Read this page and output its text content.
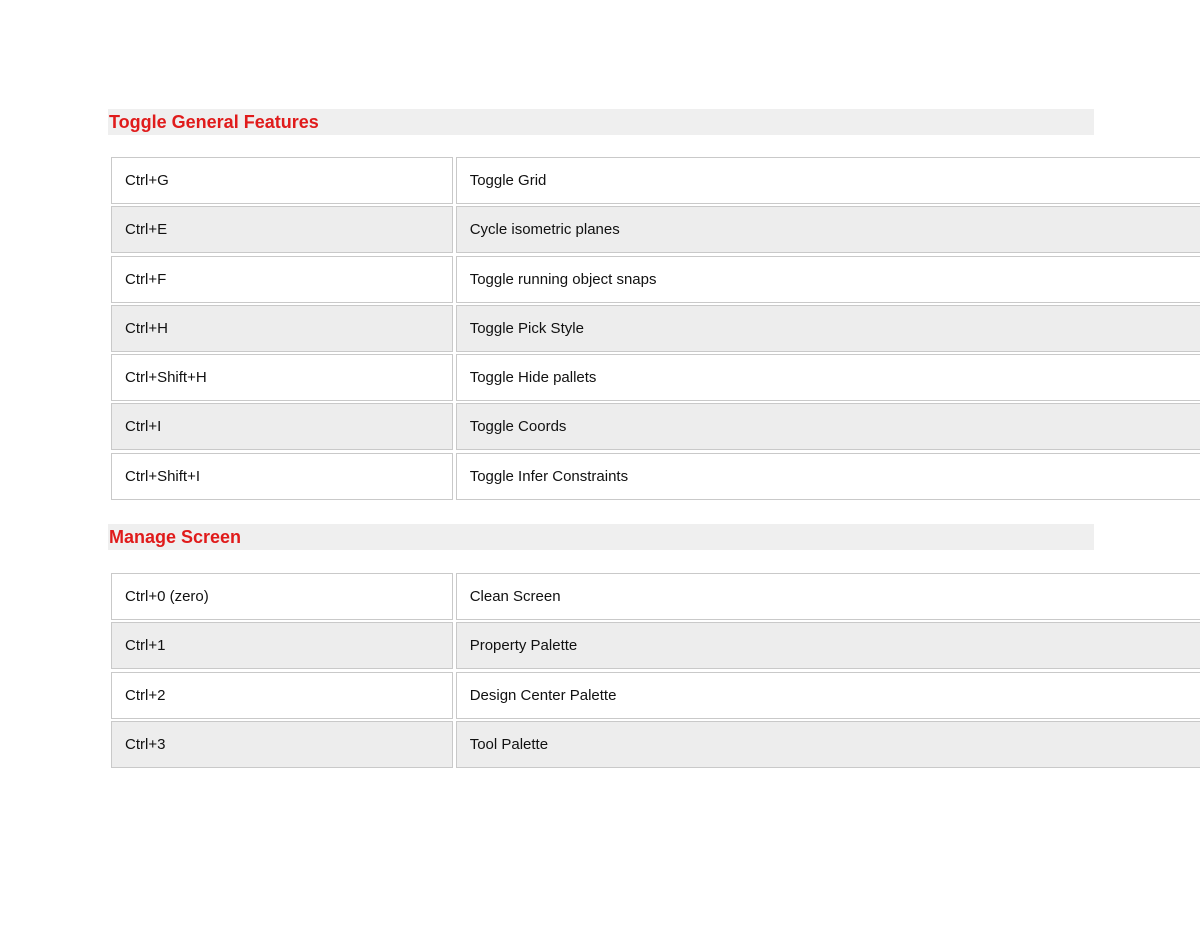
Toggle General Features
Ctrl+G	Toggle Grid
Ctrl+E	Cycle isometric planes
Ctrl+F	Toggle running object snaps
Ctrl+H	Toggle Pick Style
Ctrl+Shift+H	Toggle Hide pallets
Ctrl+I	Toggle Coords
Ctrl+Shift+I	Toggle Infer Constraints
Manage Screen
Ctrl+0 (zero)	Clean Screen
Ctrl+1	Property Palette
Ctrl+2	Design Center Palette
Ctrl+3	Tool Palette
